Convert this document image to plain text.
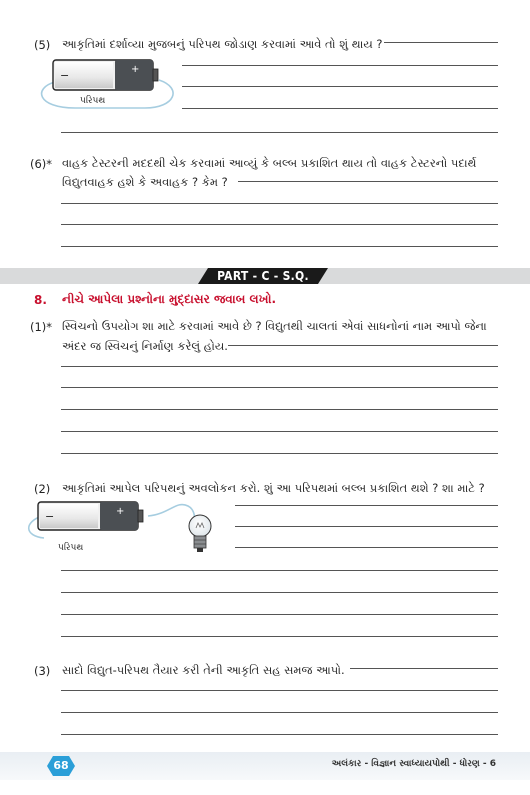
(5) આકૃતિમાં દર્શાવ્યા મુજબનું પરિપથ જોડાણ કરવામાં આવે તો શું થાય ?
−	+
પરિપથ
(6)* વાહક ટેસ્ટરની મદદથી ચેક કરવામાં આવ્યું કે બલ્બ પ્રકાશિત થાય તો વાહક ટેસ્ટરનો પદાર્થ
વિદ્યુતવાહક હશે કે અવાહક ? કેમ ?
PART - C - S.Q.
8. નીચે આપેલા પ્રશ્નોના મુદ્દાસર જવાબ લખો.
(1)* સ્વિચનો ઉપયોગ શા માટે કરવામાં આવે છે ? વિદ્યુતથી ચાલતાં એવાં સાધનોનાં નામ આપો જેના
અંદર જ સ્વિચનું નિર્માણ કરેલું હોય.
(2) આકૃતિમાં આપેલ પરિપથનું અવલોકન કરો. શું આ પરિપથમાં બલ્બ પ્રકાશિત થશે ? શા માટે ?
−	+
પરિપથ
(3) સાદો વિદ્યુત-પરિપથ તૈયાર કરી તેની આકૃતિ સહ સમજ આપો.
68	અલંકાર - વિજ્ઞાન સ્વાધ્યાયપોથી - ધોરણ - 6
